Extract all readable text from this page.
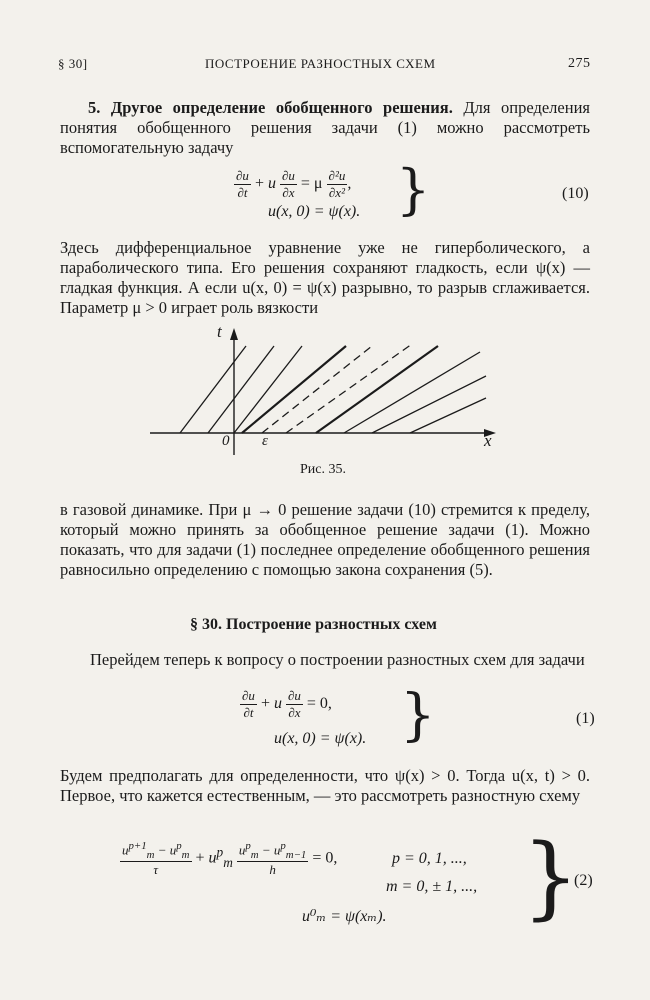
§ 30]	ПОСТРОЕНИЕ РАЗНОСТНЫХ СХЕМ	275
5. Другое определение обобщенного решения. Для определения понятия обобщенного решения задачи (1) можно рассмотреть вспомогательную задачу
$\frac{\partial u}{\partial t} + u \frac{\partial u}{\partial x} = \mu \frac{\text{∂²u}}{\text{∂x²}}$ ,
u(x, 0) = ψ(x). }	(10)
Здесь дифференциальное уравнение уже не гиперболического, а параболического типа. Его решения сохраняют гладкость, если ψ(x) — гладкая функция. А если u(x, 0) = ψ(x) разрывно, то разрыв сглаживается. Параметр μ > 0 играет роль вязкости
t
0 ε	x
Рис. 35.
в газовой динамике. При μ → 0 решение задачи (10) стремится к пределу, который можно принять за обобщенное решение задачи (1). Можно показать, что для задачи (1) последнее определение обобщенного решения равносильно определению с помощью закона сохранения (5).
§ 30. Построение разностных схем
Перейдем теперь к вопросу о построении разностных схем для задачи
$\frac{\partial u}{\partial t} + u \frac{\partial u}{\partial x} = 0$,
u(x, 0) = ψ(x). }	(1)
Будем предполагать для определенности, что ψ(x) > 0. Тогда u(x, t) > 0. Первое, что кажется естественным, — это рассмотреть разностную схему
$\frac{u^{p+1}_m - u^p_m}{\tau} + u^p_m \frac{u^p_m - u^p_{m-1}}{h} = 0$,	p = 0, 1, ...,
m = 0, ± 1, ...,
u⁰ₘ = ψ(xₘ). }
(2)
